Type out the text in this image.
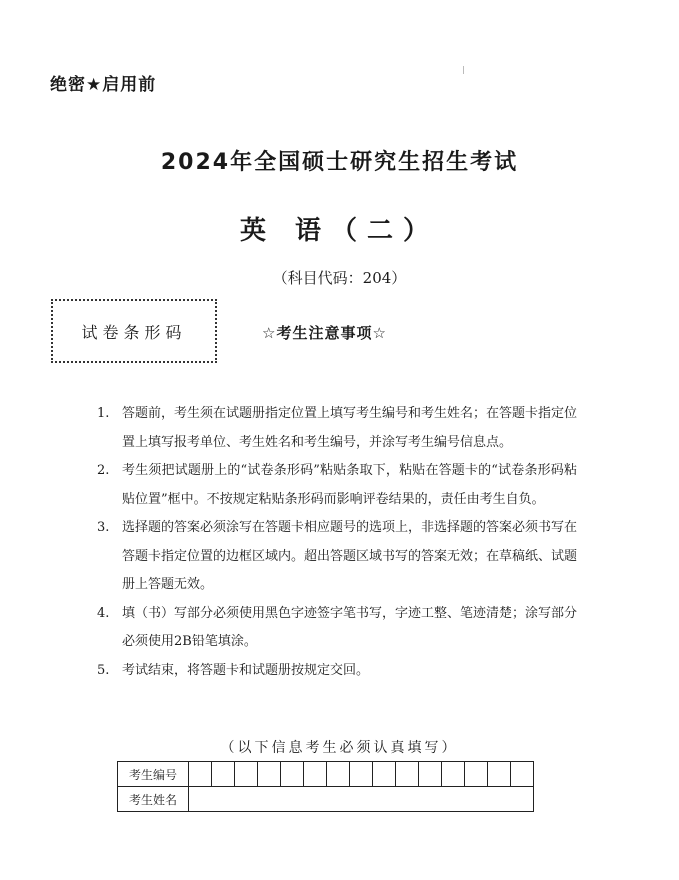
绝密★启用前
2024年全国硕士研究生招生考试
英 语（二）
（科目代码：204）
试卷条形码	☆考生注意事项☆
1. 答题前，考生须在试题册指定位置上填写考生编号和考生姓名；在答题卡指定位置上填写报考单位、考生姓名和考生编号，并涂写考生编号信息点。
2. 考生须把试题册上的“试卷条形码”粘贴条取下，粘贴在答题卡的“试卷条形码粘贴位置”框中。不按规定粘贴条形码而影响评卷结果的，责任由考生自负。
3. 选择题的答案必须涂写在答题卡相应题号的选项上，非选择题的答案必须书写在答题卡指定位置的边框区域内。超出答题区域书写的答案无效；在草稿纸、试题册上答题无效。
4. 填（书）写部分必须使用黑色字迹签字笔书写，字迹工整、笔迹清楚；涂写部分必须使用2B铅笔填涂。
5. 考试结束，将答题卡和试题册按规定交回。
（以下信息考生必须认真填写）
考生编号															
考生姓名															
